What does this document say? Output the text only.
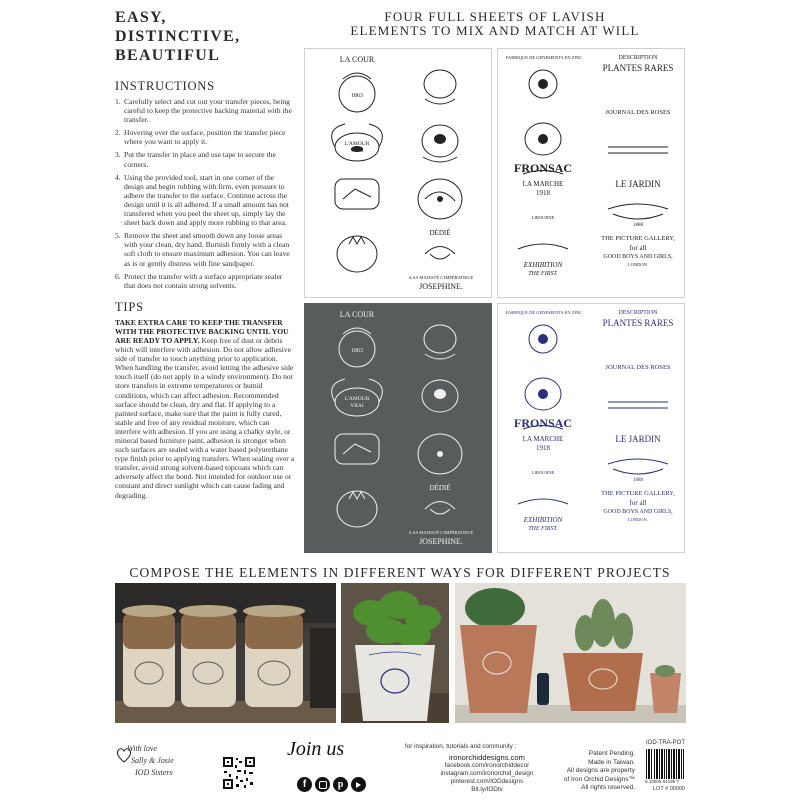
EASY,
DISTINCTIVE,
BEAUTIFUL
INSTRUCTIONS
1. Carefully select and cut out your transfer pieces, being careful to keep the protective backing material with the transfer.
2. Hovering over the surface, position the transfer piece where you want to apply it.
3. Put the transfer in place and use tape to secure the corners.
4. Using the provided tool, start in one corner of the design and begin rubbing with firm, even pressure to adhere the transfer to the surface. Continue across the design until it is all adhered. If a small amount has not transfered when you peel the sheet up, simply lay the sheet back down and apply more rubbing to that area.
5. Remove the sheet and smooth down any loose areas with your clean, dry hand. Burnish firmly with a clean soft cloth to ensure maximum adhesion. You can leave as is or gently distress with fine sandpaper.
6. Protect the transfer with a surface appropriate sealer that does not contain strong solvents.
TIPS

TAKE EXTRA CARE TO KEEP THE TRANSFER WITH THE PROTECTIVE BACKING UNTIL YOU ARE READY TO APPLY. Keep free of dust or debris which will interfere with adhesion. Do not allow adhesive side of transfer to touch anything prior to application. When handling the transfer, avoid letting the adhesive side touch itself (do not apply in a windy environment). Do not store transfers in extreme temperatures or humid conditions, which can affect adhesion. Recommended surface should be clean, dry and flat. If applying to a painted surface, make sure that the paint is fully cured, stable and free of any residual moisture, which can interfere with adhesion. If you are using a chalky style, or mineral based furniture paint, adhesion is stronger when such surfaces are sealed with a water based polyurethane type finish prior to applying transfers. When sealing over a transfer, avoid strong solvent-based topcoats which can adversely affect the bond. Not intended for outdoor use or constant and direct sunlight which can cause fading and degrading.

FOUR FULL SHEETS OF LAVISH
ELEMENTS TO MIX AND MATCH AT WILL
LA COUR
1863
L'AMOUR
VRAI
DÉDIÉ
A SA MAJESTÉ L'IMPÉRATRICE
JOSEPHINE.
FABRIQUE DE GENEMENTS EN ZINC	DESCRIPTION
PLANTES RARES
JOURNAL DES ROSES
FRONSAC
LE JARDIN
LA MARCHE
1918
LIBOURNE
1888
THE PICTURE GALLERY,
for all
GOOD BOYS AND GIRLS,
LONDON.
EXHIBITION
THE FIRST.
LA COUR
1863
L'AMOUR
VRAI
DÉDIÉ
A SA MAJESTÉ L'IMPÉRATRICE
JOSEPHINE.
FABRIQUE DE GENEMENTS EN ZINC	DESCRIPTION
PLANTES RARES
JOURNAL DES ROSES
FRONSAC
LE JARDIN
LA MARCHE
1918
LIBOURNE
1888
THE PICTURE GALLERY,
for all
GOOD BOYS AND GIRLS,
LONDON.
EXHIBITION
THE FIRST.
COMPOSE THE ELEMENTS IN DIFFERENT WAYS FOR DIFFERENT PROJECTS
With love
Sally & Josie
IOD Sisters
Join us
f	p
for inspiration, tutorials and community :
ironorchiddesigns.com
facebook.com/ironorchiddecor
instagram.com/ironorchid_design
pinterest.com/IODdesigns
Bit.ly/IODtv
Patent Pending.
Made in Taiwan.
All designs are property
of Iron Orchid Designs™
All rights reserved.
IOD-TRA-POT
8 10005 84195 7
LOT # 00000
